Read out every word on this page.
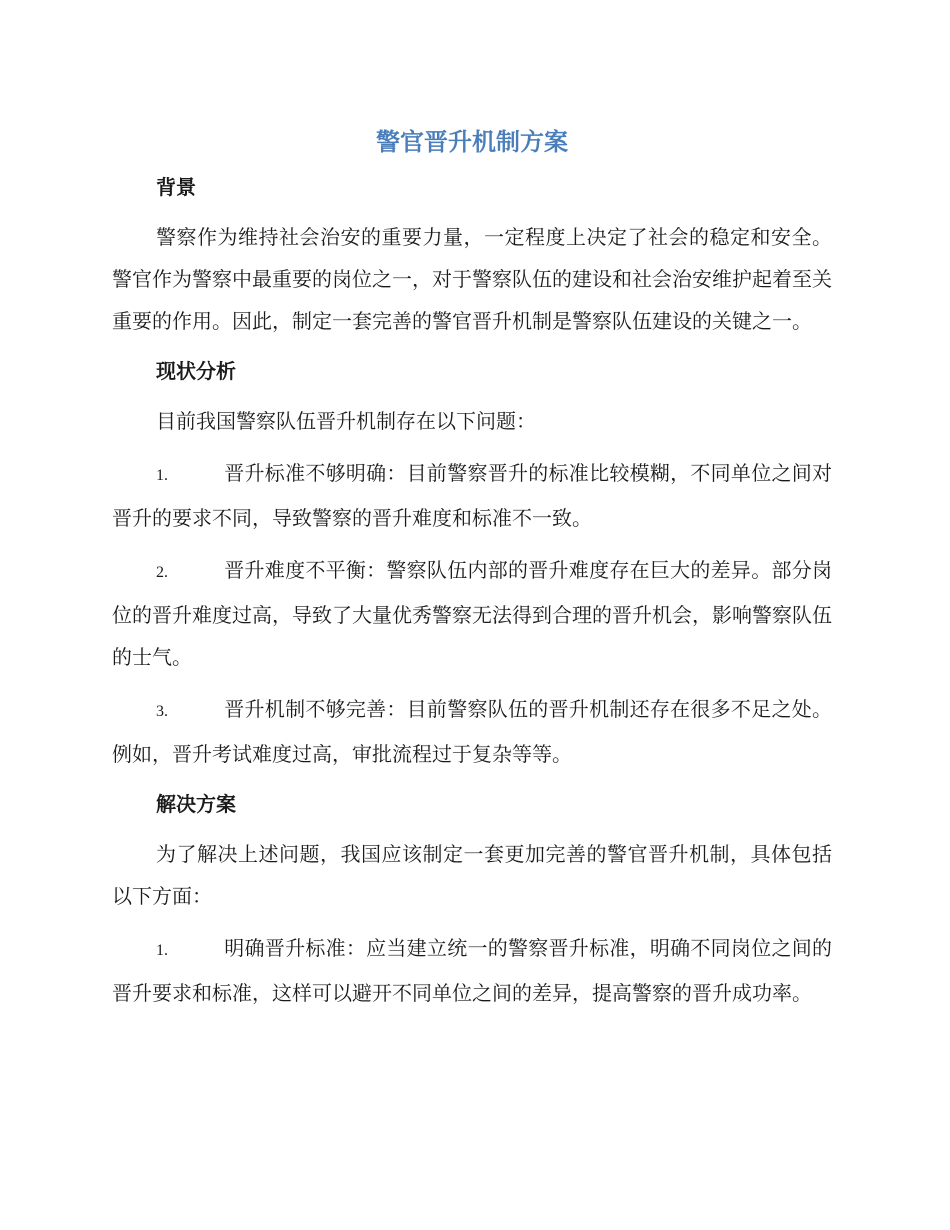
警官晋升机制方案
背景

警察作为维持社会治安的重要力量，一定程度上决定了社会的稳定和安全。警官作为警察中最重要的岗位之一，对于警察队伍的建设和社会治安维护起着至关重要的作用。因此，制定一套完善的警官晋升机制是警察队伍建设的关键之一。

现状分析

目前我国警察队伍晋升机制存在以下问题：

1.	晋升标准不够明确：目前警察晋升的标准比较模糊，不同单位之间对晋升的要求不同，导致警察的晋升难度和标准不一致。

2.	晋升难度不平衡：警察队伍内部的晋升难度存在巨大的差异。部分岗位的晋升难度过高，导致了大量优秀警察无法得到合理的晋升机会，影响警察队伍的士气。

3.	晋升机制不够完善：目前警察队伍的晋升机制还存在很多不足之处。例如，晋升考试难度过高，审批流程过于复杂等等。

解决方案

为了解决上述问题，我国应该制定一套更加完善的警官晋升机制，具体包括以下方面：

1.	明确晋升标准：应当建立统一的警察晋升标准，明确不同岗位之间的晋升要求和标准，这样可以避开不同单位之间的差异，提高警察的晋升成功率。
